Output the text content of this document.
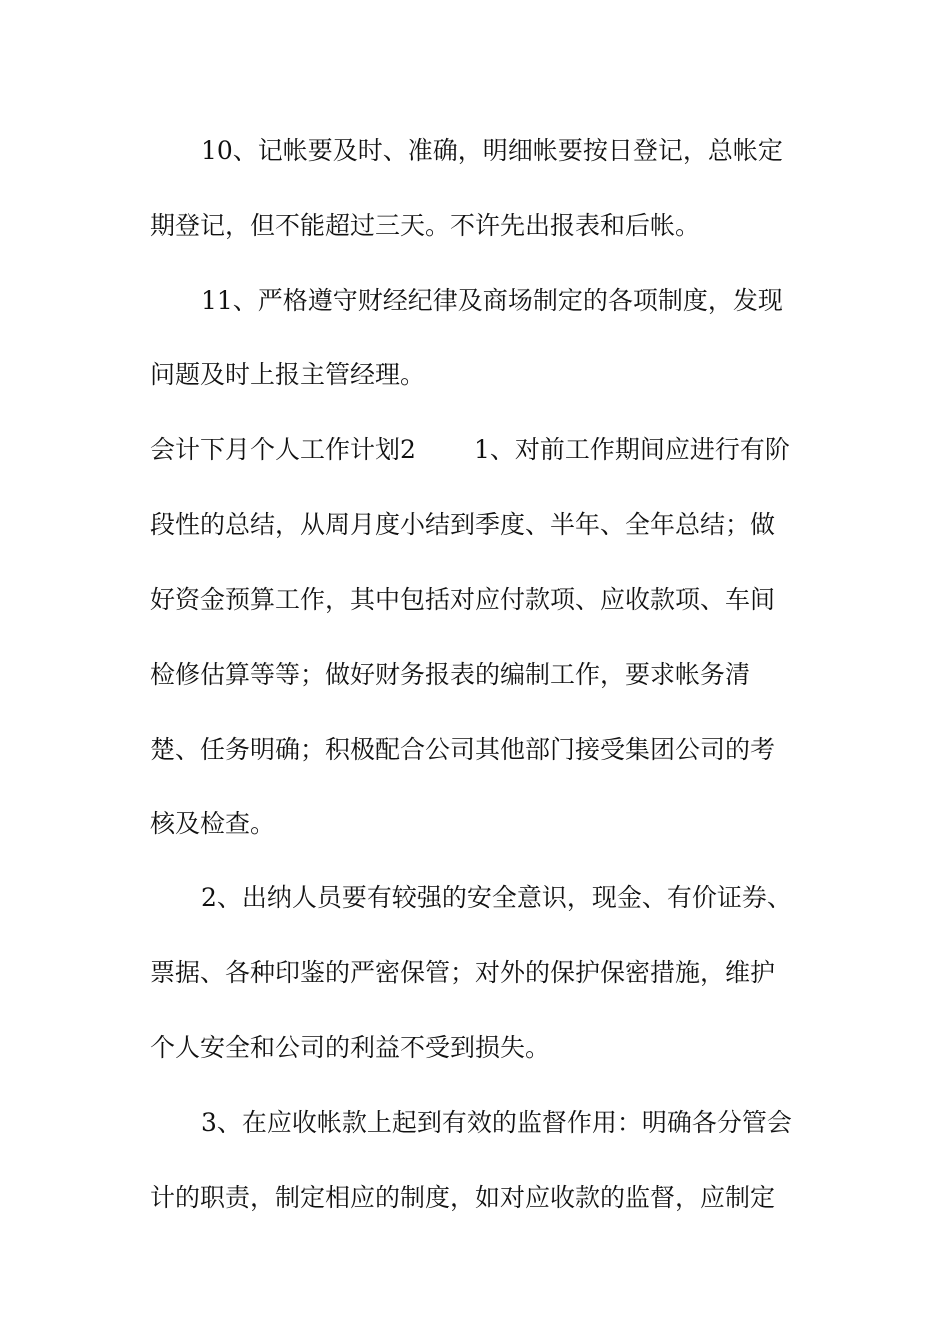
10、记帐要及时、准确，明细帐要按日登记，总帐定
期登记，但不能超过三天。不许先出报表和后帐。
11、严格遵守财经纪律及商场制定的各项制度，发现
问题及时上报主管经理。
会计下月个人工作计划2 1、对前工作期间应进行有阶
段性的总结，从周月度小结到季度、半年、全年总结；做
好资金预算工作，其中包括对应付款项、应收款项、车间
检修估算等等；做好财务报表的编制工作，要求帐务清
楚、任务明确；积极配合公司其他部门接受集团公司的考
核及检查。
2、出纳人员要有较强的安全意识，现金、有价证券、
票据、各种印鉴的严密保管；对外的保护保密措施，维护
个人安全和公司的利益不受到损失。
3、在应收帐款上起到有效的监督作用：明确各分管会
计的职责，制定相应的制度，如对应收款的监督，应制定
